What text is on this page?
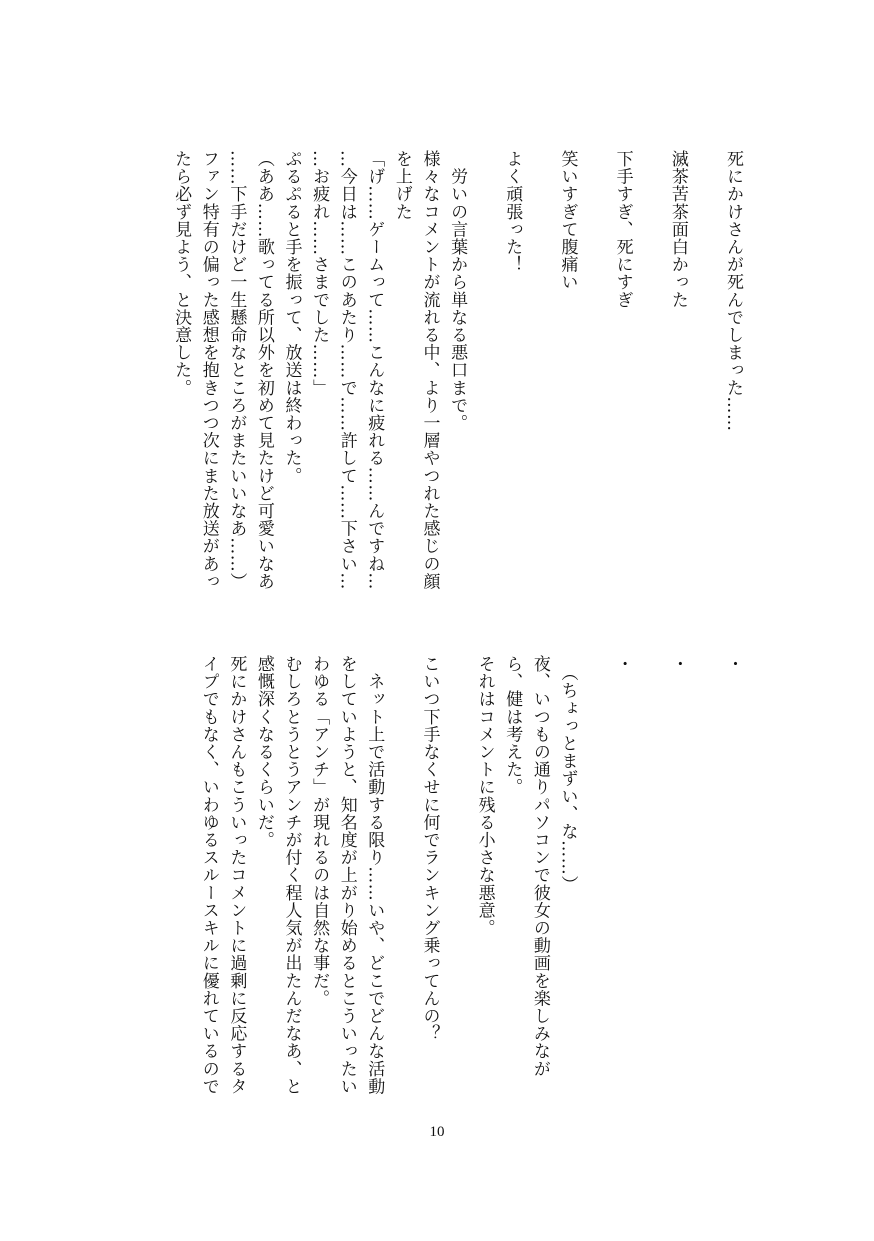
死にかけさんが死んでしまった……

滅茶苦茶面白かった

下手すぎ、死にすぎ

笑いすぎて腹痛い

よく頑張った！

　労いの言葉から単なる悪口まで。
様々なコメントが流れる中、より一層やつれた感じの顔
を上げた
「げ……ゲームって……こんなに疲れる……んですね…
…今日は……このあたり……で……許して……下さい…
…お疲れ……さまでした……」
ぷるぷると手を振って、放送は終わった。
（ああ……歌ってる所以外を初めて見たけど可愛いなあ
……下手だけど一生懸命なところがまたいいなあ……）
ファン特有の偏った感想を抱きつつ次にまた放送があっ
たら必ず見よう、と決意した。
・

・

・

　（ちょっとまずい、な……）
夜、いつもの通りパソコンで彼女の動画を楽しみなが
ら、健は考えた。
それはコメントに残る小さな悪意。

こいつ下手なくせに何でランキング乗ってんの？

　ネット上で活動する限り……いや、どこでどんな活動
をしていようと、知名度が上がり始めるとこういったい
わゆる「アンチ」が現れるのは自然な事だ。
むしろとうとうアンチが付く程人気が出たんだなあ、と
感慨深くなるくらいだ。
死にかけさんもこういったコメントに過剰に反応するタ
イプでもなく、いわゆるスルースキルに優れているので
10
